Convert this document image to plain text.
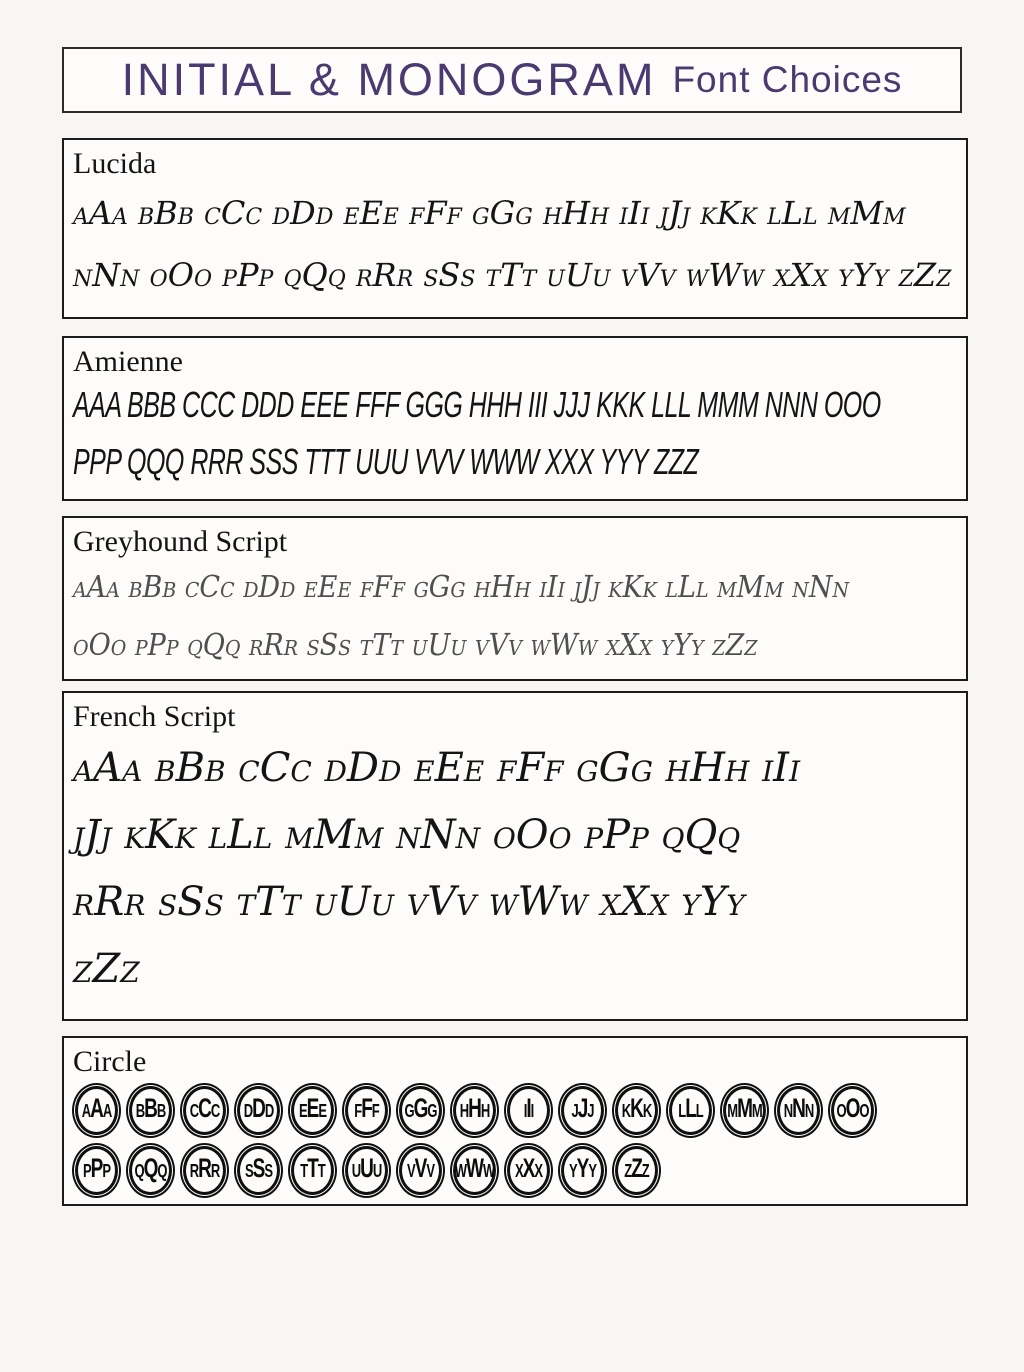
INITIAL & MONOGRAM Font Choices
Lucida
aAa bBb cCc dDd eEe fFf gGg hHh iIi jJj kKk lLl mMm
nNn oOo pPp qQq rRr sSs tTt uUu vVv wWw xXx yYy zZz
Amienne
AAA BBB CCC DDD EEE FFF GGG HHH III JJJ KKK LLL MMM NNN OOO
PPP QQQ RRR SSS TTT UUU VVV WWW XXX YYY ZZZ
Greyhound Script
aAa bBb cCc dDd eEe fFf gGg hHh iIi jJj kKk lLl mMm nNn
oOo pPp qQq rRr sSs tTt uUu vVv wWw xXx yYy zZz
French Script
aAa bBb cCc dDd eEe fFf gGg hHh iIi
jJj kKk lLl mMm nNn oOo pPp qQq
rRr sSs tTt uUu vVv wWw xXx yYy
zZz
Circle
A A A B B B C C C D D D E E E F F F G G G H H H	I I I	J J J K K K L L L M M M N N N O O O
P P P Q Q Q R R R S S S T T T U U U V V V W W W X X X Y Y Y Z Z Z
